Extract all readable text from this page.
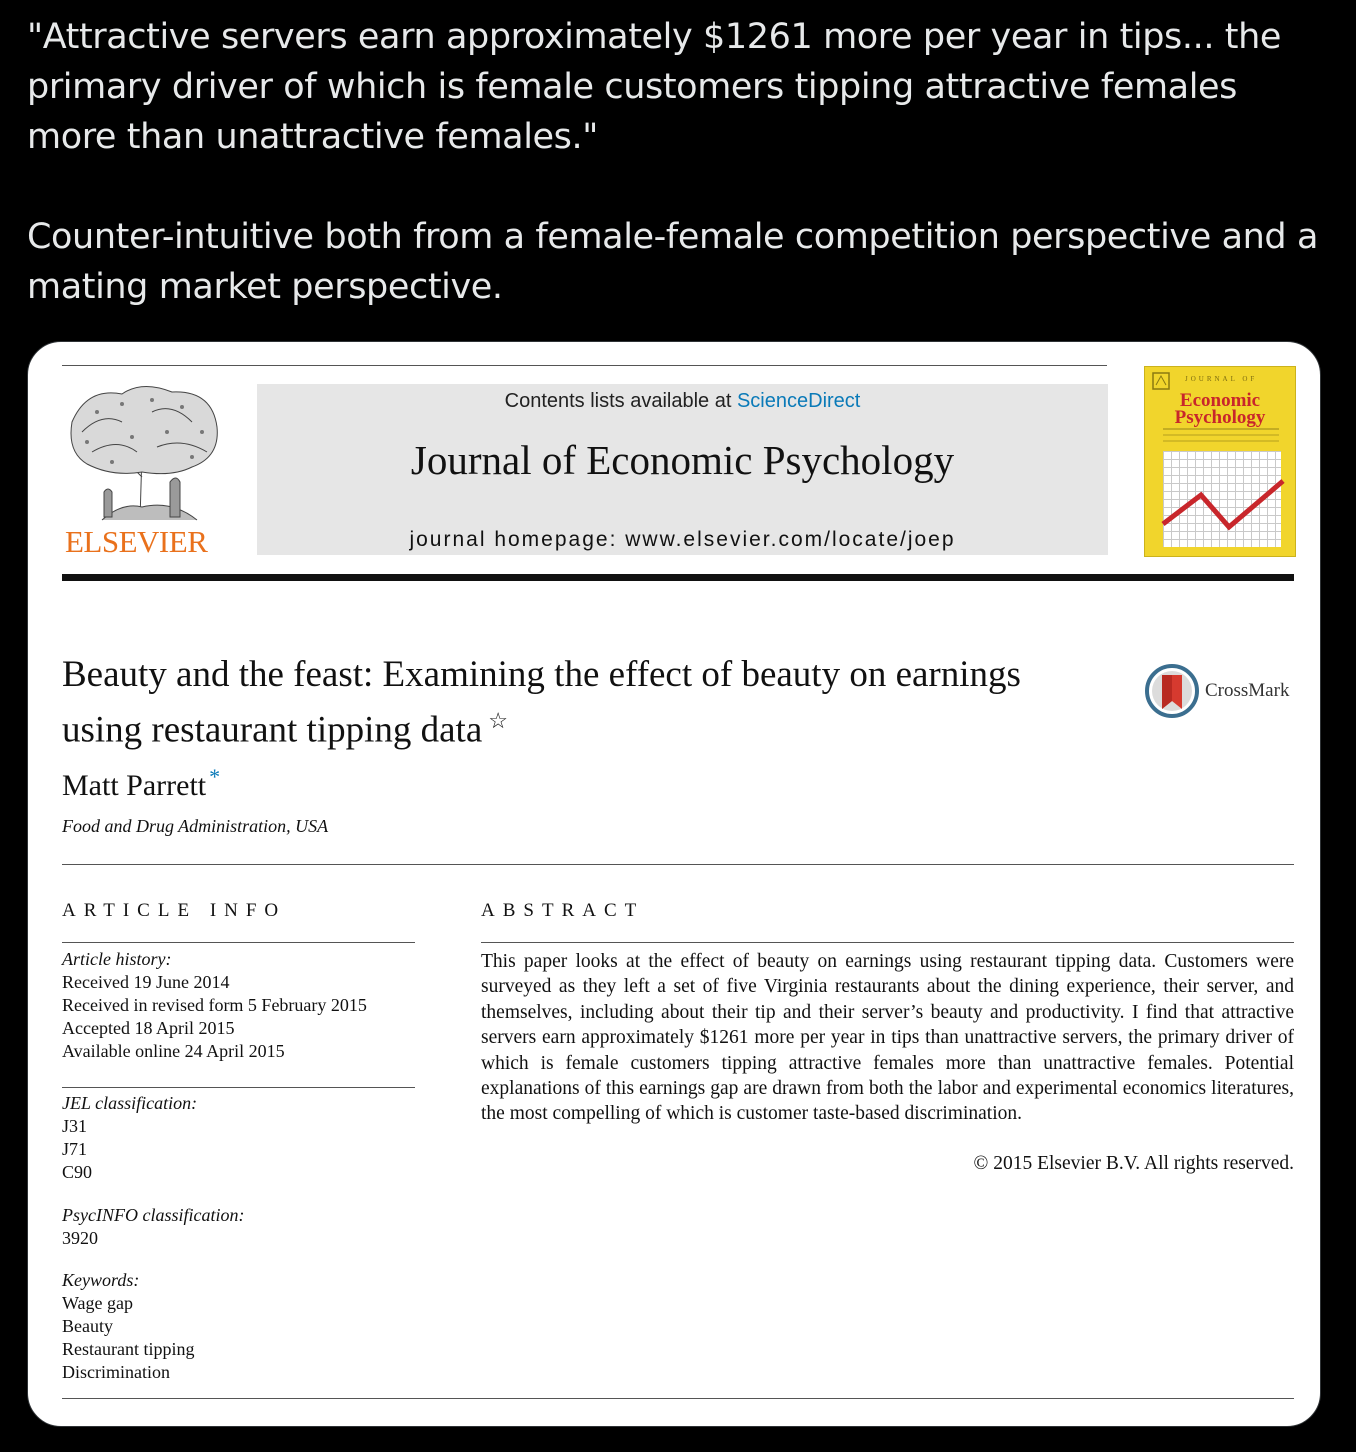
"Attractive servers earn approximately $1261 more per year in tips... the primary driver of which is female customers tipping attractive females more than unattractive females."

Counter-intuitive both from a female-female competition perspective and a mating market perspective.

ELSEVIER
Contents lists available at ScienceDirect
Journal of Economic Psychology
journal homepage: www.elsevier.com/locate/joep
JOURNAL OF
Economic
Psychology
Beauty and the feast: Examining the effect of beauty on earnings using restaurant tipping data ☆
CrossMark
Matt Parrett *
Food and Drug Administration, USA
ARTICLE INFO	ABSTRACT
Article history:
Received 19 June 2014
Received in revised form 5 February 2015
Accepted 18 April 2015
Available online 24 April 2015
JEL classification:
J31
J71
C90
PsycINFO classification:
3920
Keywords:
Wage gap
Beauty
Restaurant tipping
Discrimination
This paper looks at the effect of beauty on earnings using restaurant tipping data. Customers were surveyed as they left a set of five Virginia restaurants about the dining experience, their server, and themselves, including about their tip and their server’s beauty and productivity. I find that attractive servers earn approximately $1261 more per year in tips than unattractive servers, the primary driver of which is female customers tipping attractive females more than unattractive females. Potential explanations of this earnings gap are drawn from both the labor and experimental economics literatures, the most compelling of which is customer taste-based discrimination.
© 2015 Elsevier B.V. All rights reserved.
